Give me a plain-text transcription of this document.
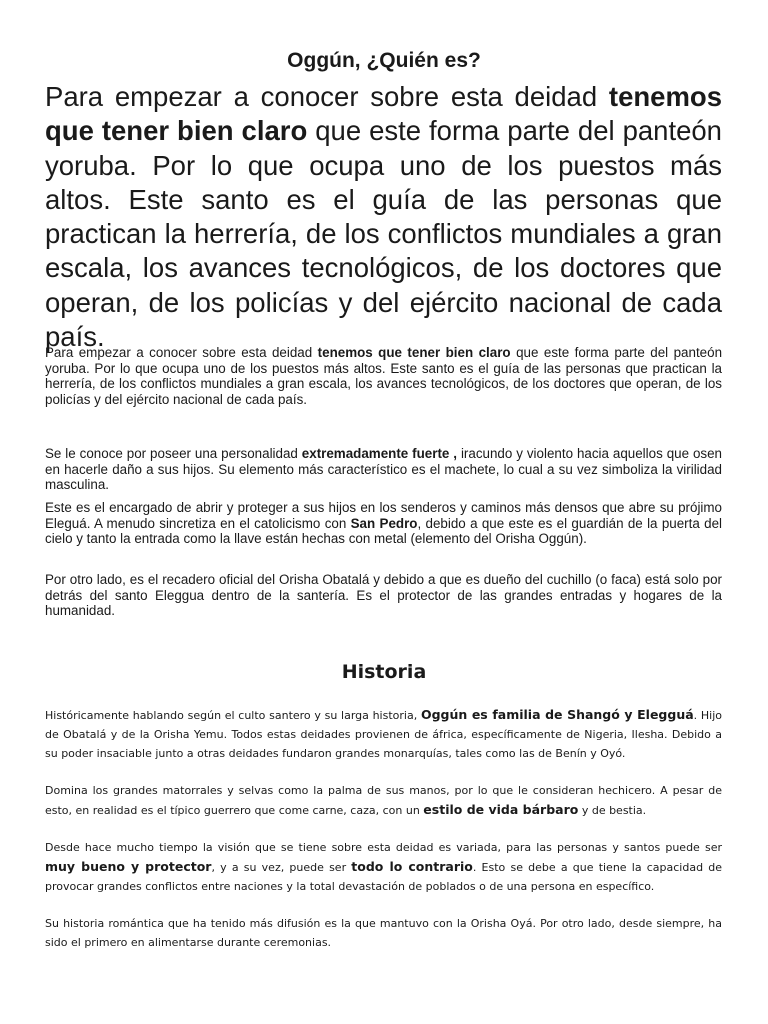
Oggún, ¿Quién es?

Para empezar a conocer sobre esta deidad tenemos que tener bien claro que este forma parte del panteón yoruba. Por lo que ocupa uno de los puestos más altos. Este santo es el guía de las personas que practican la herrería, de los conflictos mundiales a gran escala, los avances tecnológicos, de los doctores que operan, de los policías y del ejército nacional de cada país.

Para empezar a conocer sobre esta deidad tenemos que tener bien claro que este forma parte del panteón yoruba. Por lo que ocupa uno de los puestos más altos. Este santo es el guía de las personas que practican la herrería, de los conflictos mundiales a gran escala, los avances tecnológicos, de los doctores que operan, de los policías y del ejército nacional de cada país.

Se le conoce por poseer una personalidad extremadamente fuerte , iracundo y violento hacia aquellos que osen en hacerle daño a sus hijos. Su elemento más característico es el machete, lo cual a su vez simboliza la virilidad masculina.

Este es el encargado de abrir y proteger a sus hijos en los senderos y caminos más densos que abre su prójimo Eleguá. A menudo sincretiza en el catolicismo con San Pedro, debido a que este es el guardián de la puerta del cielo y tanto la entrada como la llave están hechas con metal (elemento del Orisha Oggún).

Por otro lado, es el recadero oficial del Orisha Obatalá y debido a que es dueño del cuchillo (o faca) está solo por detrás del santo Eleggua dentro de la santería. Es el protector de las grandes entradas y hogares de la humanidad.

Historia

Históricamente hablando según el culto santero y su larga historia, Oggún es familia de Shangó y Elegguá. Hijo de Obatalá y de la Orisha Yemu. Todos estas deidades provienen de áfrica, específicamente de Nigeria, Ilesha. Debido a su poder insaciable junto a otras deidades fundaron grandes monarquías, tales como las de Benín y Oyó.

Domina los grandes matorrales y selvas como la palma de sus manos, por lo que le consideran hechicero. A pesar de esto, en realidad es el típico guerrero que come carne, caza, con un estilo de vida bárbaro y de bestia.

Desde hace mucho tiempo la visión que se tiene sobre esta deidad es variada, para las personas y santos puede ser muy bueno y protector, y a su vez, puede ser todo lo contrario. Esto se debe a que tiene la capacidad de provocar grandes conflictos entre naciones y la total devastación de poblados o de una persona en específico.

Su historia romántica que ha tenido más difusión es la que mantuvo con la Orisha Oyá. Por otro lado, desde siempre, ha sido el primero en alimentarse durante ceremonias.
